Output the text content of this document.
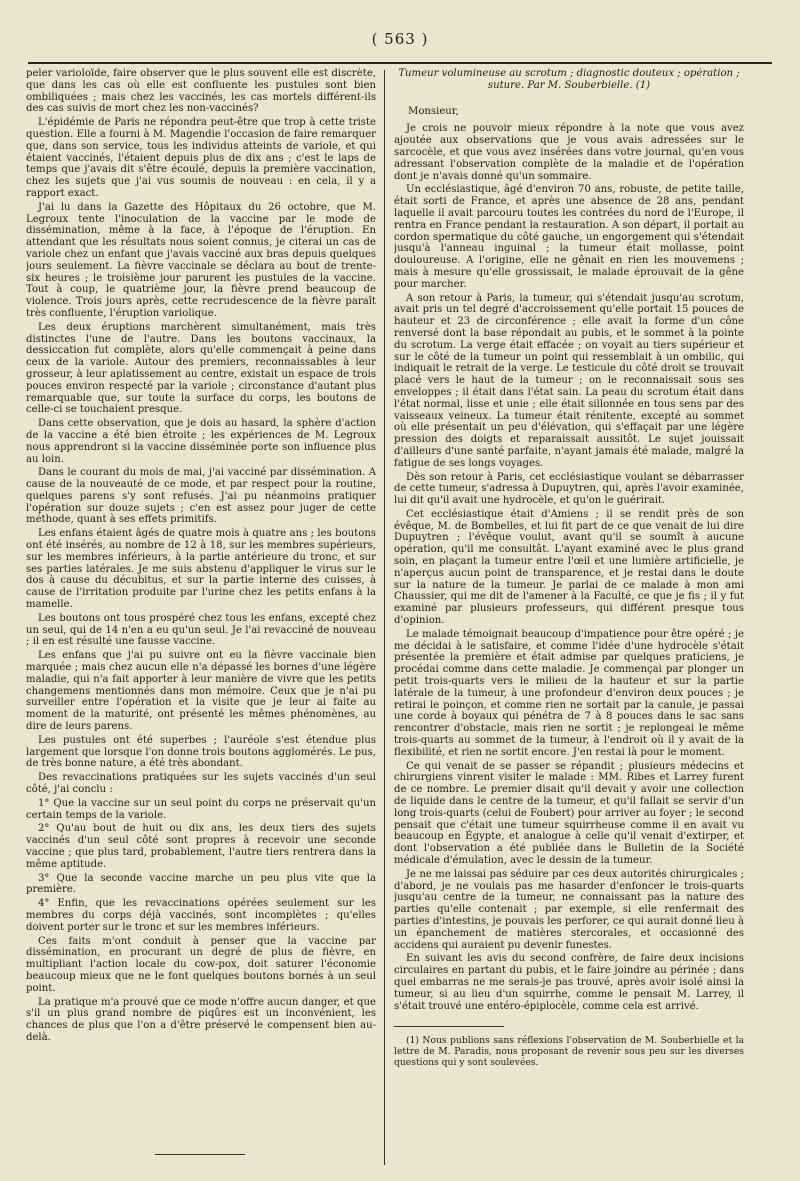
( 563 )

peler varioloïde, faire observer que le plus souvent elle est discrète, que dans les cas où elle est confluente les pustules sont bien ombiliquées ; mais chez les vaccinés, les cas mortels différent-ils des cas suivis de mort chez les non-vaccinés?

L'épidémie de Paris ne répondra peut-être que trop à cette triste question. Elle a fourni à M. Magendie l'occasion de faire remarquer que, dans son service, tous les individus atteints de variole, et qui étaient vaccinés, l'étaient depuis plus de dix ans ; c'est le laps de temps que j'avais dit s'être écoulé, depuis la première vaccination, chez les sujets que j'ai vus soumis de nouveau : en cela, il y a rapport exact.

J'ai lu dans la Gazette des Hôpitaux du 26 octobre, que M. Legroux tente l'inoculation de la vaccine par le mode de dissémination, même à la face, à l'époque de l'éruption. En attendant que les résultats nous soient connus, je citerai un cas de variole chez un enfant que j'avais vacciné aux bras depuis quelques jours seulement. La fièvre vaccinale se déclara au bout de trente-six heures ; le troisième jour parurent les pustules de la vaccine. Tout à coup, le quatrième jour, la fièvre prend beaucoup de violence. Trois jours après, cette recrudescence de la fièvre paraît très confluente, l'éruption variolique.

Les deux éruptions marchèrent simultanément, mais très distinctes l'une de l'autre. Dans les boutons vaccinaux, la dessiccation fut complète, alors qu'elle commençait à peine dans ceux de la variole. Autour des premiers, reconnaissables à leur grosseur, à leur aplatissement au centre, existait un espace de trois pouces environ respecté par la variole ; circonstance d'autant plus remarquable que, sur toute la surface du corps, les boutons de celle-ci se touchaient presque.

Dans cette observation, que je dois au hasard, la sphère d'action de la vaccine a été bien étroite ; les expériences de M. Legroux nous apprendront si la vaccine disséminée porte son influence plus au loin.

Dans le courant du mois de mai, j'ai vacciné par dissémination. A cause de la nouveauté de ce mode, et par respect pour la routine, quelques parens s'y sont refusés. J'ai pu néanmoins pratiquer l'opération sur douze sujets ; c'en est assez pour juger de cette méthode, quant à ses effets primitifs.

Les enfans étaient âgés de quatre mois à quatre ans ; les boutons ont été insérés, au nombre de 12 à 18, sur les membres supérieurs, sur les membres inférieurs, à la partie antérieure du tronc, et sur ses parties latérales. Je me suis abstenu d'appliquer le virus sur le dos à cause du décubitus, et sur la partie interne des cuisses, à cause de l'irritation produite par l'urine chez les petits enfans à la mamelle.

Les boutons ont tous prospéré chez tous les enfans, excepté chez un seul, qui de 14 n'en a eu qu'un seul. Je l'ai revacciné de nouveau ; il en est résulté une fausse vaccine.

Les enfans que j'ai pu suivre ont eu la fièvre vaccinale bien marquée ; mais chez aucun elle n'a dépassé les bornes d'une légère maladie, qui n'a fait apporter à leur manière de vivre que les petits changemens mentionnés dans mon mémoire. Ceux que je n'ai pu surveiller entre l'opération et la visite que je leur ai faite au moment de la maturité, ont présenté les mêmes phénomènes, au dire de leurs parens.

Les pustules ont été superbes ; l'auréole s'est étendue plus largement que lorsque l'on donne trois boutons agglomérés. Le pus, de très bonne nature, a été très abondant.

Des revaccinations pratiquées sur les sujets vaccinés d'un seul côté, j'ai conclu :

1° Que la vaccine sur un seul point du corps ne préservait qu'un certain temps de la variole.

2° Qu'au bout de huit ou dix ans, les deux tiers des sujets vaccinés d'un seul côté sont propres à recevoir une seconde vaccine ; que plus tard, probablement, l'autre tiers rentrera dans la même aptitude.

3° Que la seconde vaccine marche un peu plus vite que la première.

4° Enfin, que les revaccinations opérées seulement sur les membres du corps déjà vaccinés, sont incomplètes ; qu'elles doivent porter sur le tronc et sur les membres inférieurs.

Ces faits m'ont conduit à penser que la vaccine par dissémination, en procurant un degré de plus de fièvre, en multipliant l'action locale du cow-pox, doit saturer l'économie beaucoup mieux que ne le font quelques boutons bornés à un seul point.

La pratique m'a prouvé que ce mode n'offre aucun danger, et que s'il un plus grand nombre de piqûres est un inconvénient, les chances de plus que l'on a d'être préservé le compensent bien au-delà.

Tumeur volumineuse au scrotum ; diagnostic douteux ; opération ; suture. Par M. Souberbielle. (1)

Monsieur,

Je crois ne pouvoir mieux répondre à la note que vous avez ajoutée aux observations que je vous avais adressées sur le sarcocèle, et que vous avez insérées dans votre journal, qu'en vous adressant l'observation complète de la maladie et de l'opération dont je n'avais donné qu'un sommaire.

Un ecclésiastique, âgé d'environ 70 ans, robuste, de petite taille, était sorti de France, et après une absence de 28 ans, pendant laquelle il avait parcouru toutes les contrées du nord de l'Europe, il rentra en France pendant la restauration. A son départ, il portait au cordon spermatique du côté gauche, un engorgement qui s'étendait jusqu'à l'anneau inguinal ; la tumeur était mollasse, point douloureuse. A l'origine, elle ne gênait en rien les mouvemens ; mais à mesure qu'elle grossissait, le malade éprouvait de la gêne pour marcher.

A son retour à Paris, la tumeur, qui s'étendait jusqu'au scrotum, avait pris un tel degré d'accroissement qu'elle portait 15 pouces de hauteur et 23 de circonférence ; elle avait la forme d'un cône renversé dont la base répondait au pubis, et le sommet à la pointe du scrotum. La verge était effacée ; on voyait au tiers supérieur et sur le côté de la tumeur un point qui ressemblait à un ombilic, qui indiquait le retrait de la verge. Le testicule du côté droit se trouvait placé vers le haut de la tumeur ; on le reconnaissait sous ses enveloppes ; il était dans l'état sain. La peau du scrotum était dans l'état normal, lisse et unie ; elle était sillonnée en tous sens par des vaisseaux veineux. La tumeur était rénitente, excepté au sommet où elle présentait un peu d'élévation, qui s'effaçait par une légère pression des doigts et reparaissait aussitôt. Le sujet jouissait d'ailleurs d'une santé parfaite, n'ayant jamais été malade, malgré la fatigue de ses longs voyages.

Dès son retour à Paris, cet ecclésiastique voulant se débarrasser de cette tumeur, s'adressa à Dupuytren, qui, après l'avoir examinée, lui dit qu'il avait une hydrocèle, et qu'on le guérirait.

Cet ecclésiastique était d'Amiens ; il se rendit près de son évêque, M. de Bombelles, et lui fit part de ce que venait de lui dire Dupuytren ; l'évêque voulut, avant qu'il se soumît à aucune opération, qu'il me consultât. L'ayant examiné avec le plus grand soin, en plaçant la tumeur entre l'œil et une lumière artificielle, je n'aperçus aucun point de transparence, et je restai dans le doute sur la nature de la tumeur. Je parlai de ce malade à mon ami Chaussier, qui me dit de l'amener à la Faculté, ce que je fis ; il y fut examiné par plusieurs professeurs, qui différent presque tous d'opinion.

Le malade témoignait beaucoup d'impatience pour être opéré ; je me décidai à le satisfaire, et comme l'idée d'une hydrocèle s'était présentée la première et était admise par quelques praticiens, je procédai comme dans cette maladie. Je commençai par plonger un petit trois-quarts vers le milieu de la hauteur et sur la partie latérale de la tumeur, à une profondeur d'environ deux pouces ; je retirai le poinçon, et comme rien ne sortait par la canule, je passai une corde à boyaux qui pénétra de 7 à 8 pouces dans le sac sans rencontrer d'obstacle, mais rien ne sortit ; je replongeai le même trois-quarts au sommet de la tumeur, à l'endroit où il y avait de la flexibilité, et rien ne sortit encore. J'en restai là pour le moment.

Ce qui venait de se passer se répandit ; plusieurs médecins et chirurgiens vinrent visiter le malade : MM. Ribes et Larrey furent de ce nombre. Le premier disait qu'il devait y avoir une collection de liquide dans le centre de la tumeur, et qu'il fallait se servir d'un long trois-quarts (celui de Foubert) pour arriver au foyer ; le second pensait que c'était une tumeur squirrheuse comme il en avait vu beaucoup en Égypte, et analogue à celle qu'il venait d'extirper, et dont l'observation a été publiée dans le Bulletin de la Société médicale d'émulation, avec le dessin de la tumeur.

Je ne me laissai pas séduire par ces deux autorités chirurgicales ; d'abord, je ne voulais pas me hasarder d'enfoncer le trois-quarts jusqu'au centre de la tumeur, ne connaissant pas la nature des parties qu'elle contenait ; par exemple, si elle renfermait des parties d'intestins, je pouvais les perforer, ce qui aurait donné lieu à un épanchement de matières stercorales, et occasionné des accidens qui auraient pu devenir funestes.

En suivant les avis du second confrère, de faire deux incisions circulaires en partant du pubis, et le faire joindre au périnée ; dans quel embarras ne me serais-je pas trouvé, après avoir isolé ainsi la tumeur, si au lieu d'un squirrhe, comme le pensait M. Larrey, il s'était trouvé une entéro-épiplocèle, comme cela est arrivé.

(1) Nous publions sans réflexions l'observation de M. Souberbielle et la lettre de M. Paradis, nous proposant de revenir sous peu sur les diverses questions qui y sont soulevées.
